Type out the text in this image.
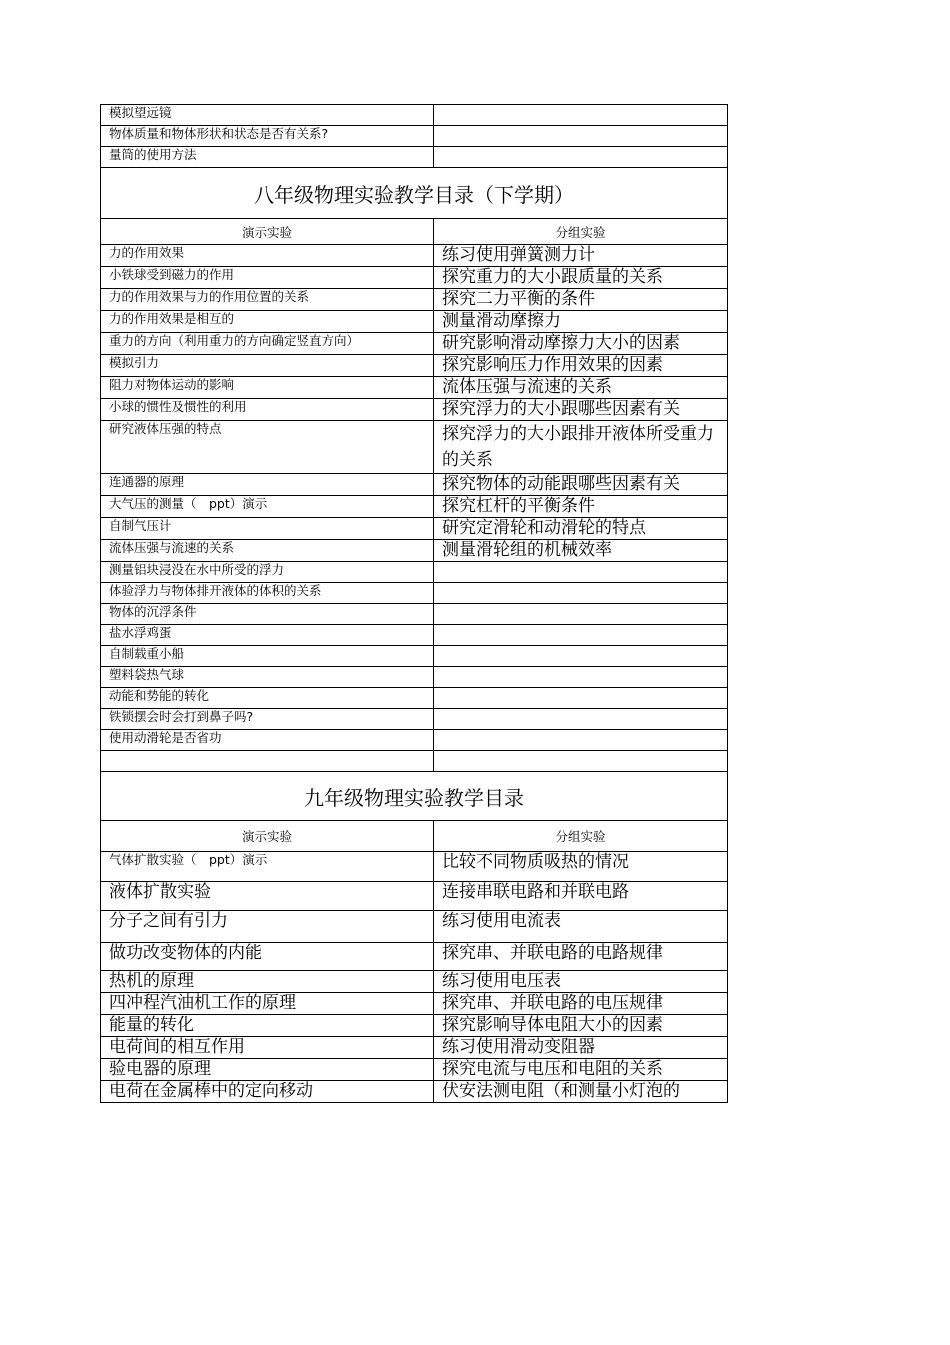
模拟望远镜	
物体质量和物体形状和状态是否有关系?	
量筒的使用方法	
八年级物理实验教学目录（下学期）	
演示实验	分组实验
力的作用效果	练习使用弹簧测力计
小铁球受到磁力的作用	探究重力的大小跟质量的关系
力的作用效果与力的作用位置的关系	探究二力平衡的条件
力的作用效果是相互的	测量滑动摩擦力
重力的方向（利用重力的方向确定竖直方向）	研究影响滑动摩擦力大小的因素
模拟引力	探究影响压力作用效果的因素
阻力对物体运动的影响	流体压强与流速的关系
小球的惯性及惯性的利用	探究浮力的大小跟哪些因素有关
研究液体压强的特点	探究浮力的大小跟排开液体所受重力的关系
连通器的原理	探究物体的动能跟哪些因素有关
大气压的测量（　ppt）演示	探究杠杆的平衡条件
自制气压计	研究定滑轮和动滑轮的特点
流体压强与流速的关系	测量滑轮组的机械效率
测量铝块浸没在水中所受的浮力	
体验浮力与物体排开液体的体积的关系	
物体的沉浮条件	
盐水浮鸡蛋	
自制载重小船	
塑料袋热气球	
动能和势能的转化	
铁锁摆会时会打到鼻子吗?	
使用动滑轮是否省功	

九年级物理实验教学目录	
演示实验	分组实验
气体扩散实验（　ppt）演示	比较不同物质吸热的情况
液体扩散实验	连接串联电路和并联电路
分子之间有引力	练习使用电流表
做功改变物体的内能	探究串、并联电路的电路规律
热机的原理	练习使用电压表
四冲程汽油机工作的原理	探究串、并联电路的电压规律
能量的转化	探究影响导体电阻大小的因素
电荷间的相互作用	练习使用滑动变阻器
验电器的原理	探究电流与电压和电阻的关系
电荷在金属棒中的定向移动	伏安法测电阻（和测量小灯泡的
